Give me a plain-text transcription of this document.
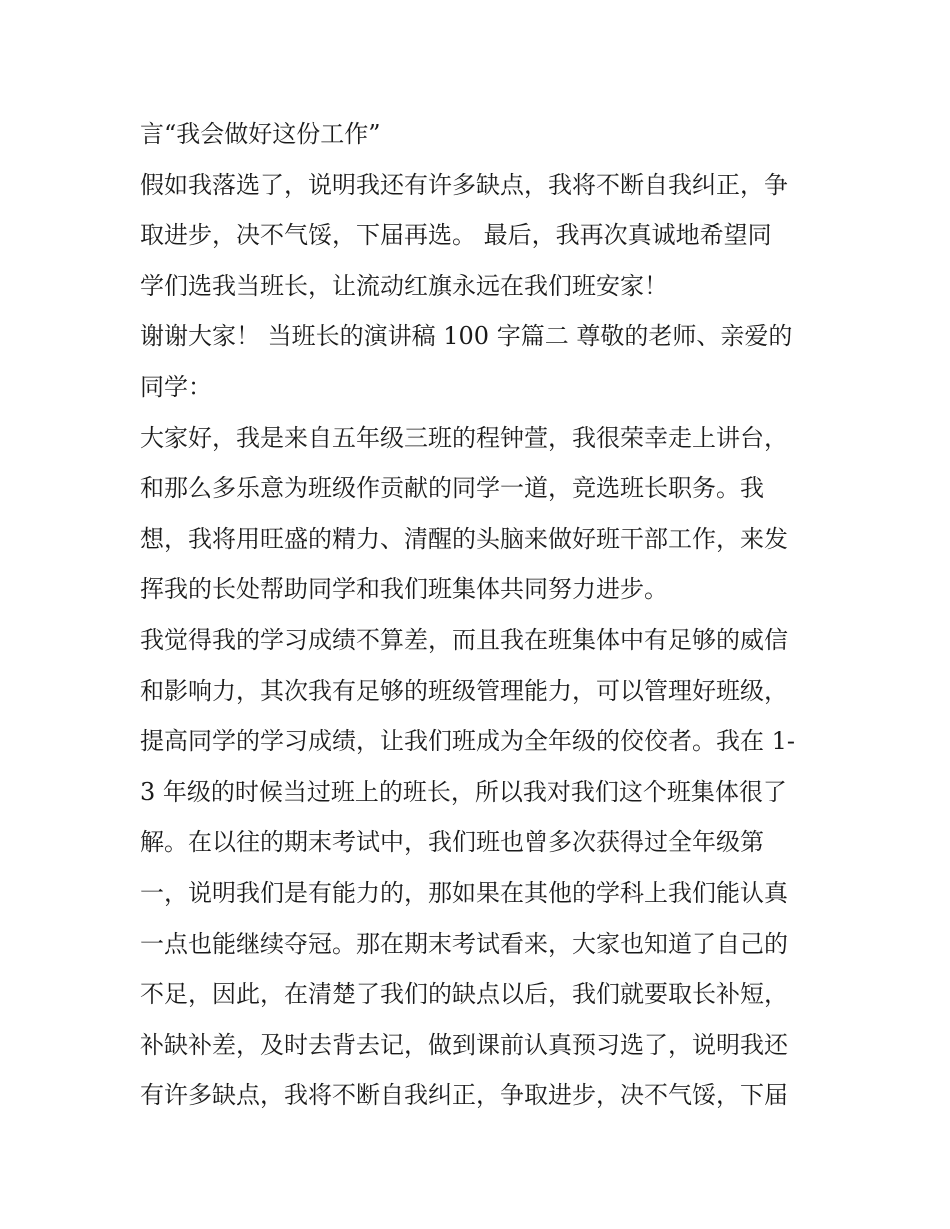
言“我会做好这份工作”
假如我落选了，说明我还有许多缺点，我将不断自我纠正，争
取进步，决不气馁，下届再选。 最后，我再次真诚地希望同
学们选我当班长，让流动红旗永远在我们班安家！
谢谢大家！ 当班长的演讲稿 100 字篇二 尊敬的老师、亲爱的
同学：
大家好，我是来自五年级三班的程钟萱，我很荣幸走上讲台，
和那么多乐意为班级作贡献的同学一道，竞选班长职务。我
想，我将用旺盛的精力、清醒的头脑来做好班干部工作，来发
挥我的长处帮助同学和我们班集体共同努力进步。
我觉得我的学习成绩不算差，而且我在班集体中有足够的威信
和影响力，其次我有足够的班级管理能力，可以管理好班级，
提高同学的学习成绩，让我们班成为全年级的佼佼者。我在 1-
3 年级的时候当过班上的班长，所以我对我们这个班集体很了
解。在以往的期末考试中，我们班也曾多次获得过全年级第
一，说明我们是有能力的，那如果在其他的学科上我们能认真
一点也能继续夺冠。那在期末考试看来，大家也知道了自己的
不足，因此，在清楚了我们的缺点以后，我们就要取长补短，
补缺补差，及时去背去记，做到课前认真预习选了，说明我还
有许多缺点，我将不断自我纠正，争取进步，决不气馁，下届
